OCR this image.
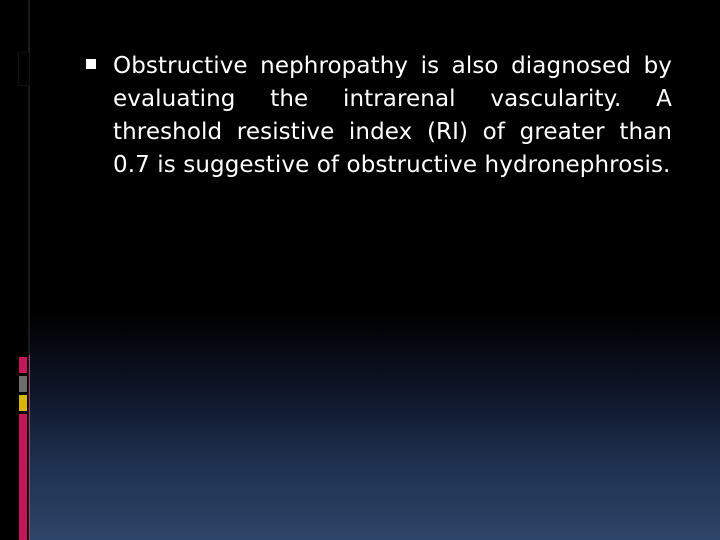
Obstructive nephropathy is also diagnosed by evaluating the intrarenal vascularity. A threshold resistive index (RI) of greater than 0.7 is suggestive of obstructive hydronephrosis.
